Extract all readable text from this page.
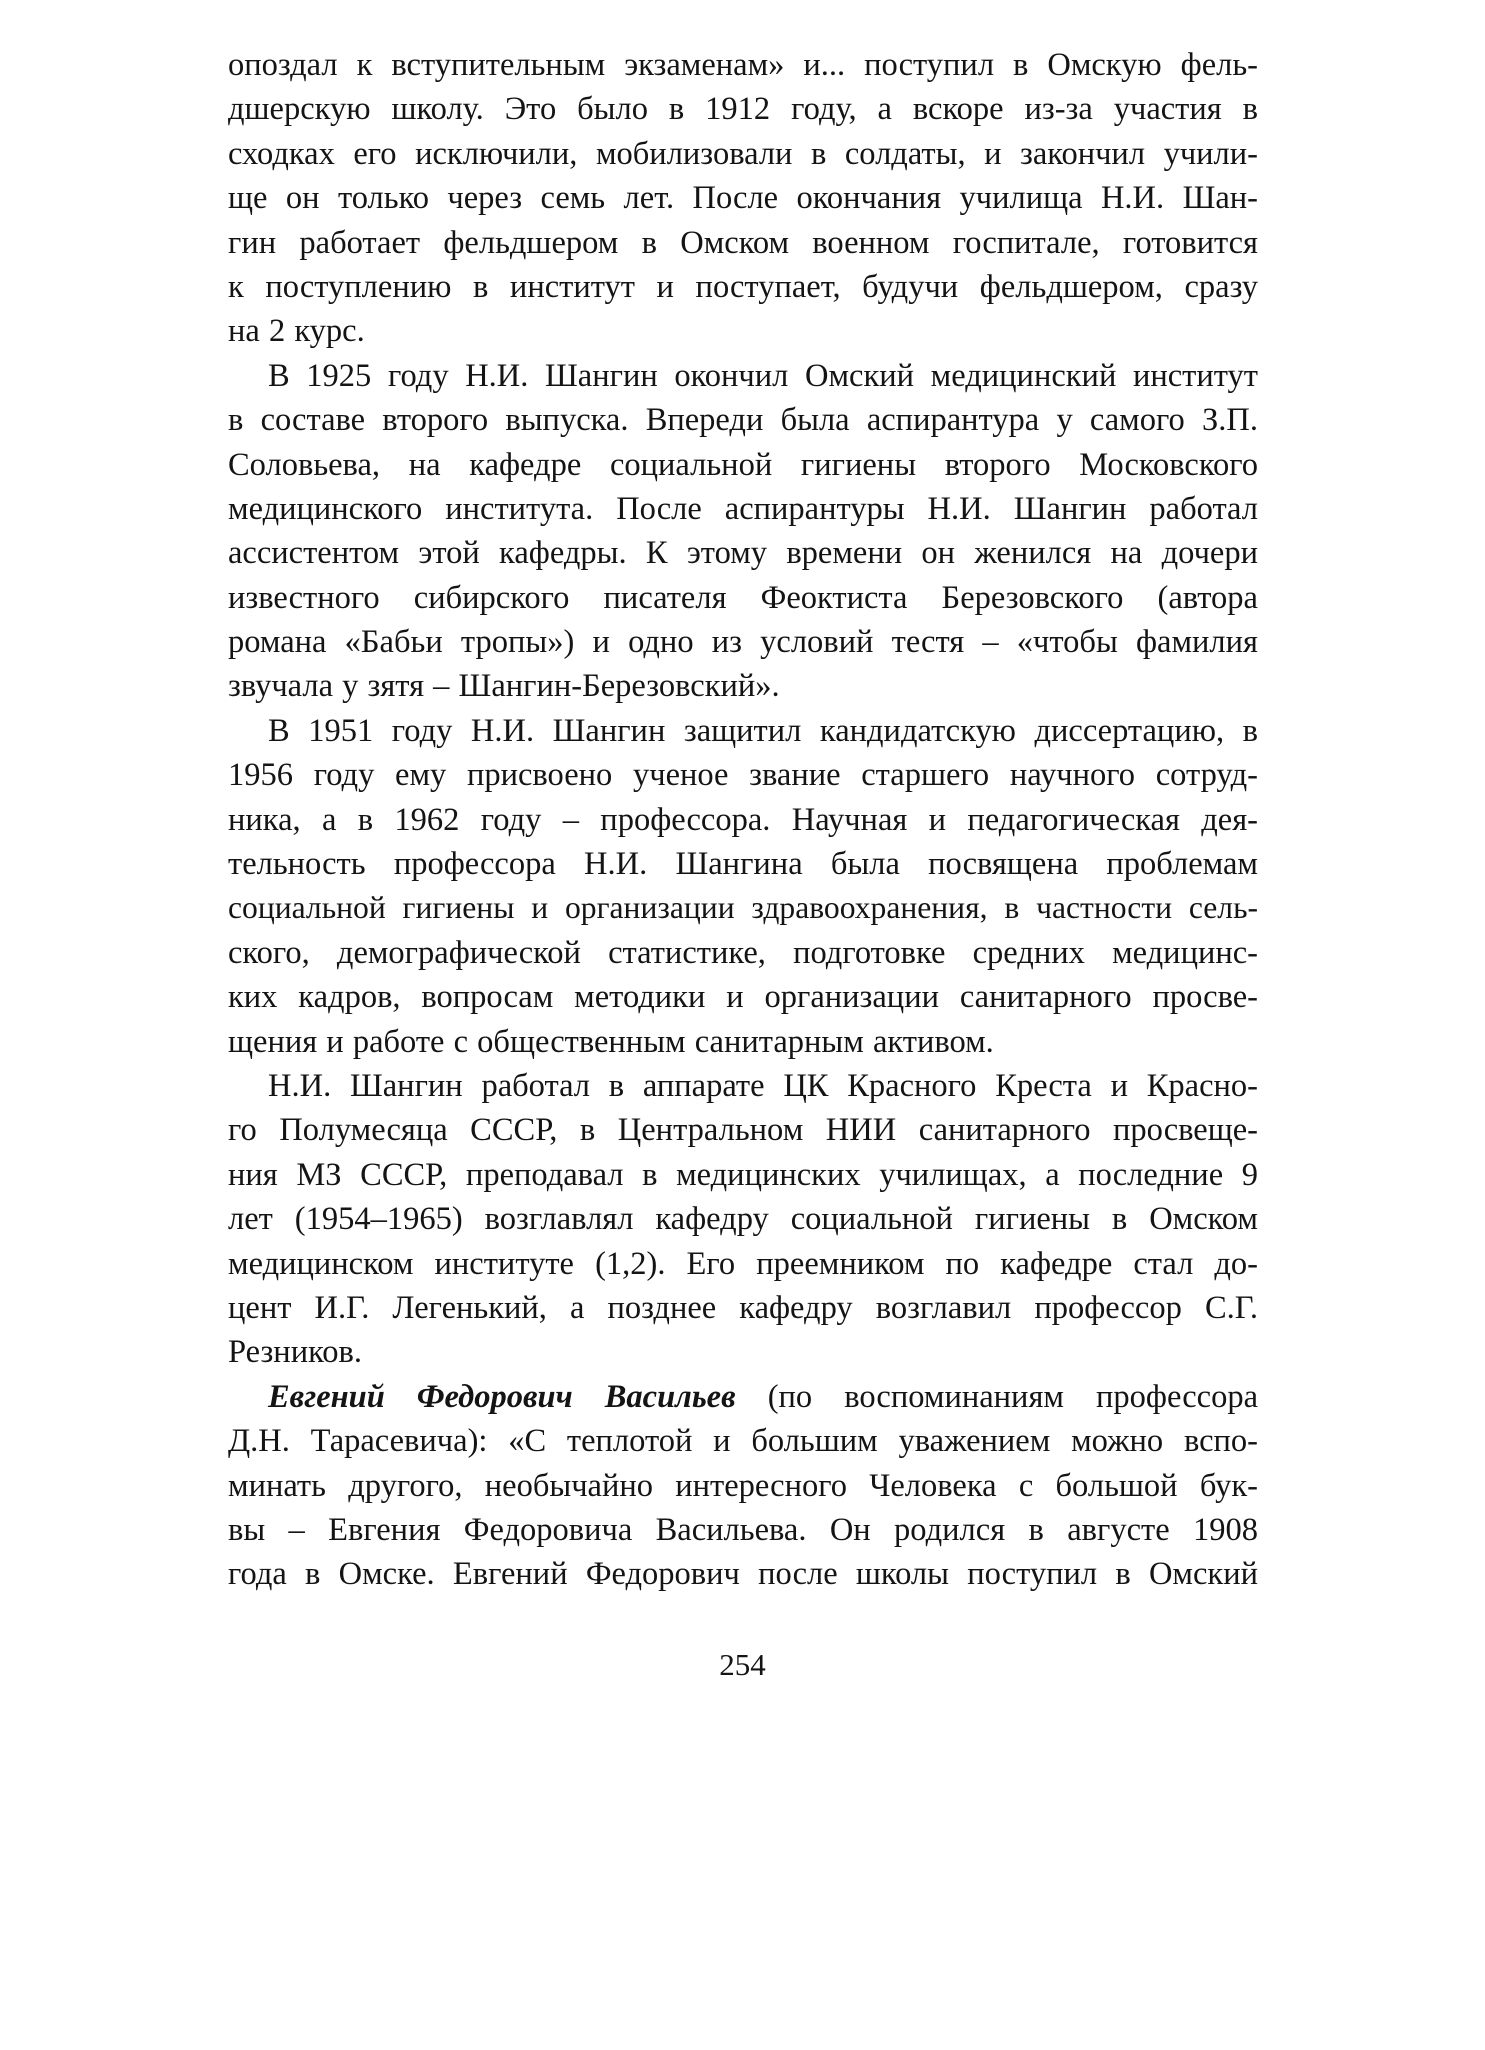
опоздал к вступительным экзаменам» и... поступил в Омскую фель-
дшерскую школу. Это было в 1912 году, а вскоре из-за участия в
сходках его исключили, мобилизовали в солдаты, и закончил учили-
ще он только через семь лет. После окончания училища Н.И. Шан-
гин работает фельдшером в Омском военном госпитале, готовится
к поступлению в институт и поступает, будучи фельдшером, сразу
на 2 курс.
В 1925 году Н.И. Шангин окончил Омский медицинский институт
в составе второго выпуска. Впереди была аспирантура у самого З.П.
Соловьева, на кафедре социальной гигиены второго Московского
медицинского института. После аспирантуры Н.И. Шангин работал
ассистентом этой кафедры. К этому времени он женился на дочери
известного сибирского писателя Феоктиста Березовского (автора
романа «Бабьи тропы») и одно из условий тестя – «чтобы фамилия
звучала у зятя – Шангин-Березовский».
В 1951 году Н.И. Шангин защитил кандидатскую диссертацию, в
1956 году ему присвоено ученое звание старшего научного сотруд-
ника, а в 1962 году – профессора. Научная и педагогическая дея-
тельность профессора Н.И. Шангина была посвящена проблемам
социальной гигиены и организации здравоохранения, в частности сель-
ского, демографической статистике, подготовке средних медицинс-
ких кадров, вопросам методики и организации санитарного просве-
щения и работе с общественным санитарным активом.
Н.И. Шангин работал в аппарате ЦК Красного Креста и Красно-
го Полумесяца СССР, в Центральном НИИ санитарного просвеще-
ния МЗ СССР, преподавал в медицинских училищах, а последние 9
лет (1954–1965) возглавлял кафедру социальной гигиены в Омском
медицинском институте (1,2). Его преемником по кафедре стал до-
цент И.Г. Легенький, а позднее кафедру возглавил профессор С.Г.
Резников.
Евгений Федорович Васильев (по воспоминаниям профессора
Д.Н. Тарасевича): «С теплотой и большим уважением можно вспо-
минать другого, необычайно интересного Человека с большой бук-
вы – Евгения Федоровича Васильева. Он родился в августе 1908
года в Омске. Евгений Федорович после школы поступил в Омский
254
